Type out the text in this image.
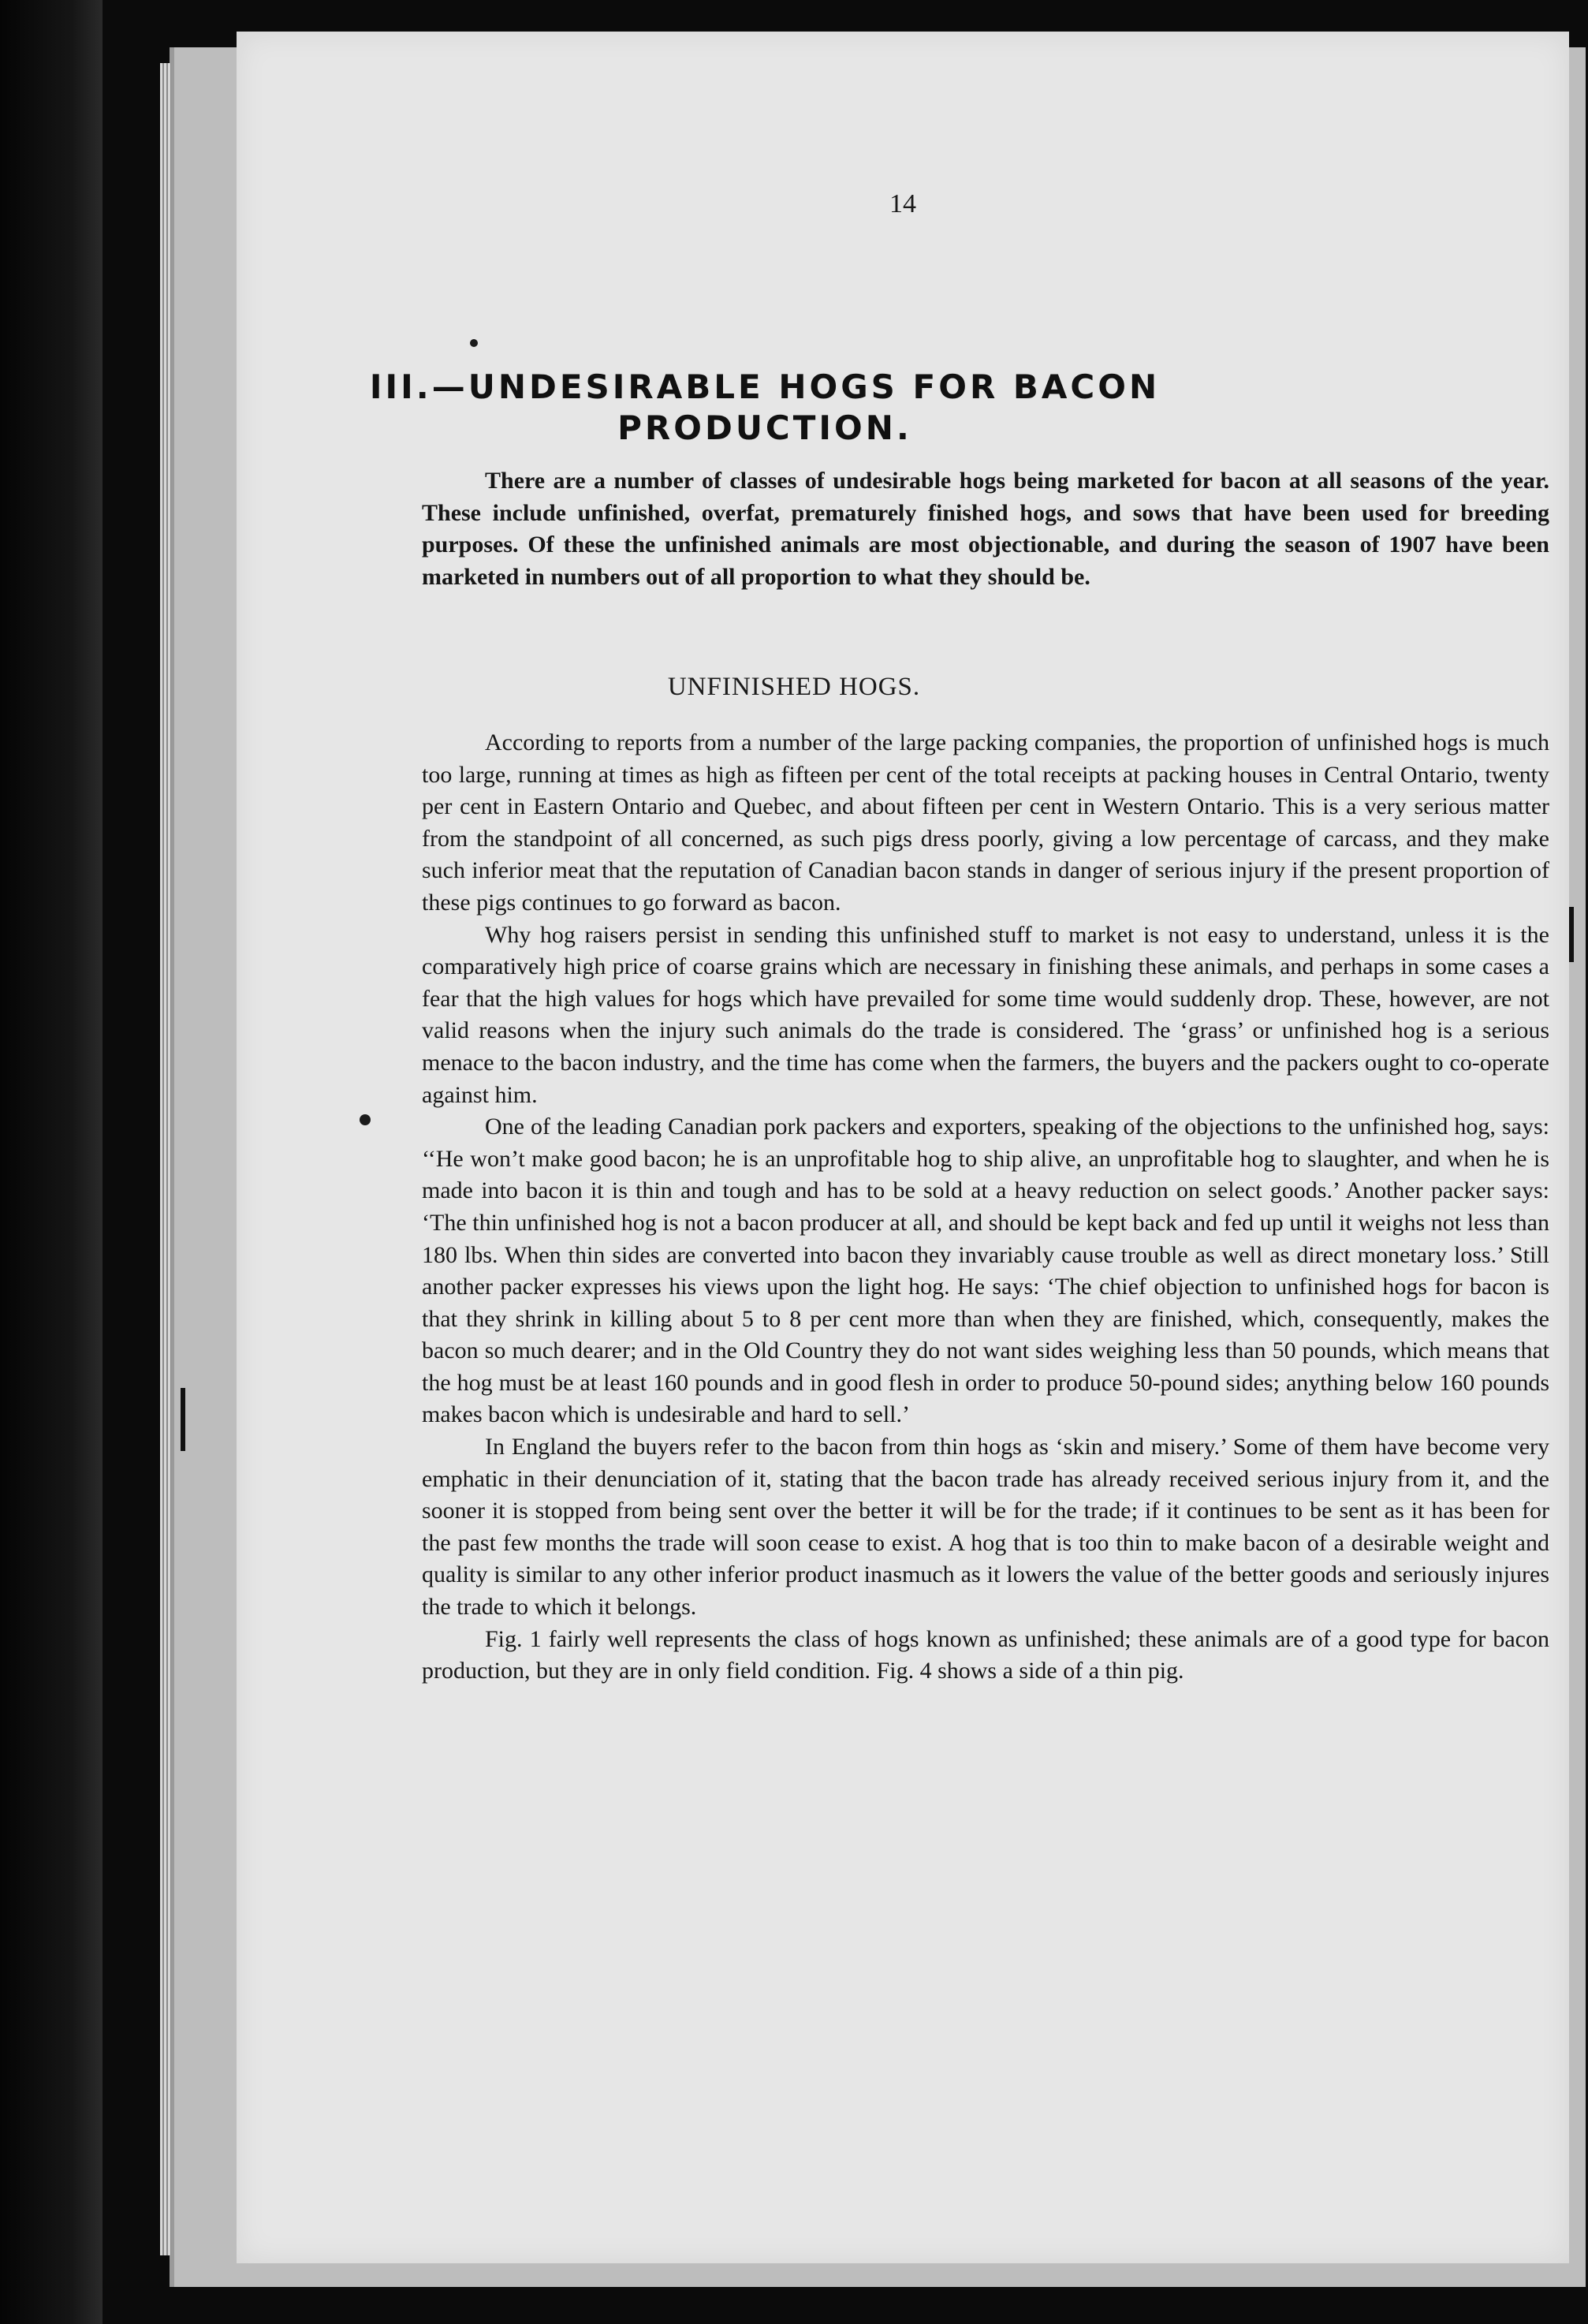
14
III.—UNDESIRABLE HOGS FOR BACON
PRODUCTION.

There are a number of classes of undesirable hogs being marketed for bacon at all seasons of the year. These include unfinished, overfat, prematurely finished hogs, and sows that have been used for breeding purposes. Of these the unfinished animals are most objectionable, and during the season of 1907 have been marketed in numbers out of all proportion to what they should be.

UNFINISHED HOGS.

According to reports from a number of the large packing companies, the proportion of unfinished hogs is much too large, running at times as high as fifteen per cent of the total receipts at packing houses in Central Ontario, twenty per cent in Eastern Ontario and Quebec, and about fifteen per cent in Western Ontario. This is a very serious matter from the standpoint of all concerned, as such pigs dress poorly, giving a low percentage of carcass, and they make such inferior meat that the reputation of Canadian bacon stands in danger of serious injury if the present proportion of these pigs continues to go forward as bacon.

Why hog raisers persist in sending this unfinished stuff to market is not easy to understand, unless it is the comparatively high price of coarse grains which are necessary in finishing these animals, and perhaps in some cases a fear that the high values for hogs which have prevailed for some time would suddenly drop. These, however, are not valid reasons when the injury such animals do the trade is considered. The ‘grass’ or unfinished hog is a serious menace to the bacon industry, and the time has come when the farmers, the buyers and the packers ought to co-operate against him.

One of the leading Canadian pork packers and exporters, speaking of the objections to the unfinished hog, says: ‘‘He won’t make good bacon; he is an unprofitable hog to ship alive, an unprofitable hog to slaughter, and when he is made into bacon it is thin and tough and has to be sold at a heavy reduction on select goods.’ Another packer says: ‘The thin unfinished hog is not a bacon producer at all, and should be kept back and fed up until it weighs not less than 180 lbs. When thin sides are converted into bacon they invariably cause trouble as well as direct monetary loss.’ Still another packer expresses his views upon the light hog. He says: ‘The chief objection to unfinished hogs for bacon is that they shrink in killing about 5 to 8 per cent more than when they are finished, which, consequently, makes the bacon so much dearer; and in the Old Country they do not want sides weighing less than 50 pounds, which means that the hog must be at least 160 pounds and in good flesh in order to produce 50-pound sides; anything below 160 pounds makes bacon which is undesirable and hard to sell.’

In England the buyers refer to the bacon from thin hogs as ‘skin and misery.’ Some of them have become very emphatic in their denunciation of it, stating that the bacon trade has already received serious injury from it, and the sooner it is stopped from being sent over the better it will be for the trade; if it continues to be sent as it has been for the past few months the trade will soon cease to exist. A hog that is too thin to make bacon of a desirable weight and quality is similar to any other inferior product inasmuch as it lowers the value of the better goods and seriously injures the trade to which it belongs.

Fig. 1 fairly well represents the class of hogs known as unfinished; these animals are of a good type for bacon production, but they are in only field condition. Fig. 4 shows a side of a thin pig.
